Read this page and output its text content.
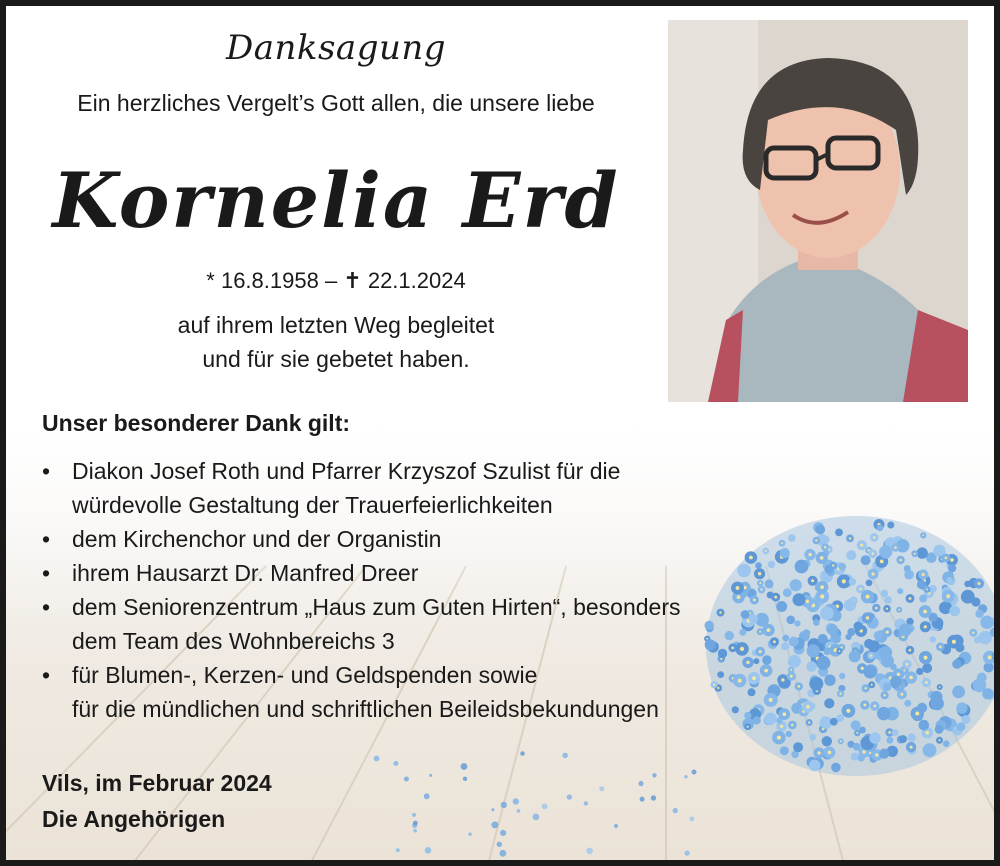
Danksagung
Ein herzliches Vergelt’s Gott allen, die unsere liebe
Kornelia Erd
* 16.8.1958 – ✝ 22.1.2024
auf ihrem letzten Weg begleitet
und für sie gebetet haben.
Unser besonderer Dank gilt:
• Diakon Josef Roth und Pfarrer Krzyszof Szulist für die
würdevolle Gestaltung der Trauerfeierlichkeiten
• dem Kirchenchor und der Organistin
• ihrem Hausarzt Dr. Manfred Dreer
• dem Seniorenzentrum „Haus zum Guten Hirten“, besonders
dem Team des Wohnbereichs 3
• für Blumen-, Kerzen- und Geldspenden sowie
für die mündlichen und schriftlichen Beileidsbekundungen
Vils, im Februar 2024
Die Angehörigen
